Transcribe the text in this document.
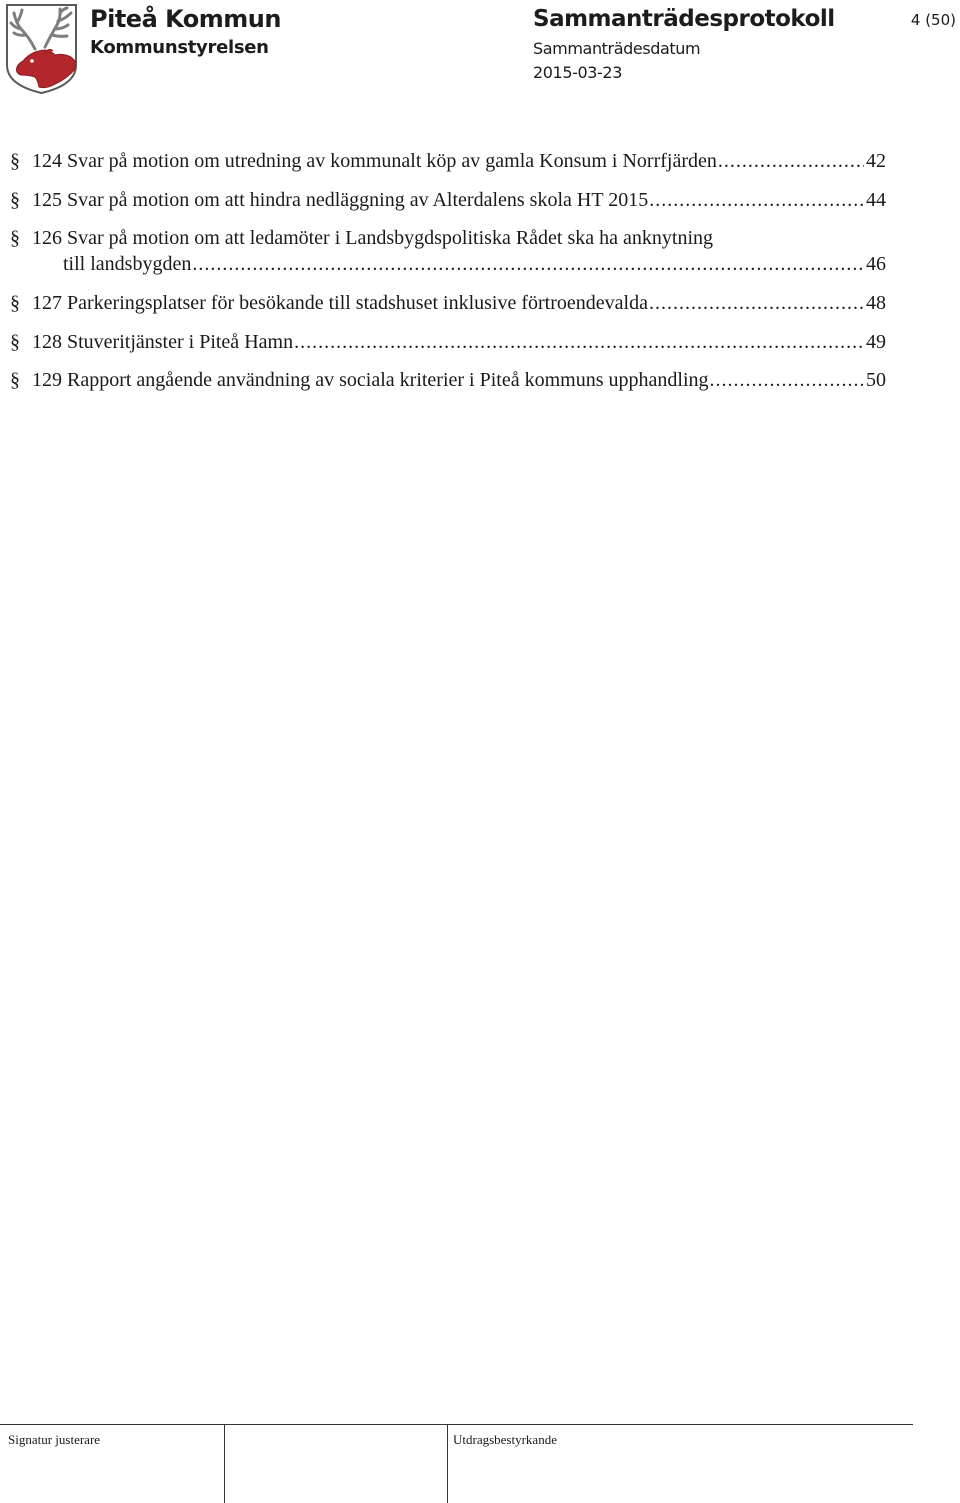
Piteå Kommun
Kommunstyrelsen
Sammanträdesprotokoll
Sammanträdesdatum
2015-03-23
4 (50)
§ 124 Svar på motion om utredning av kommunalt köp av gamla Konsum i Norrfjärden .....	42
§ 125 Svar på motion om att hindra nedläggning av Alterdalens skola HT 2015 .....	44
§ 126 Svar på motion om att ledamöter i Landsbygdspolitiska Rådet ska ha anknytning
till landsbygden .....	46
§ 127 Parkeringsplatser för besökande till stadshuset inklusive förtroendevalda .....	48
§ 128 Stuveritjänster i Piteå Hamn .....	49
§ 129 Rapport angående användning av sociala kriterier i Piteå kommuns upphandling .....	50
Signatur justerare	Utdragsbestyrkande
